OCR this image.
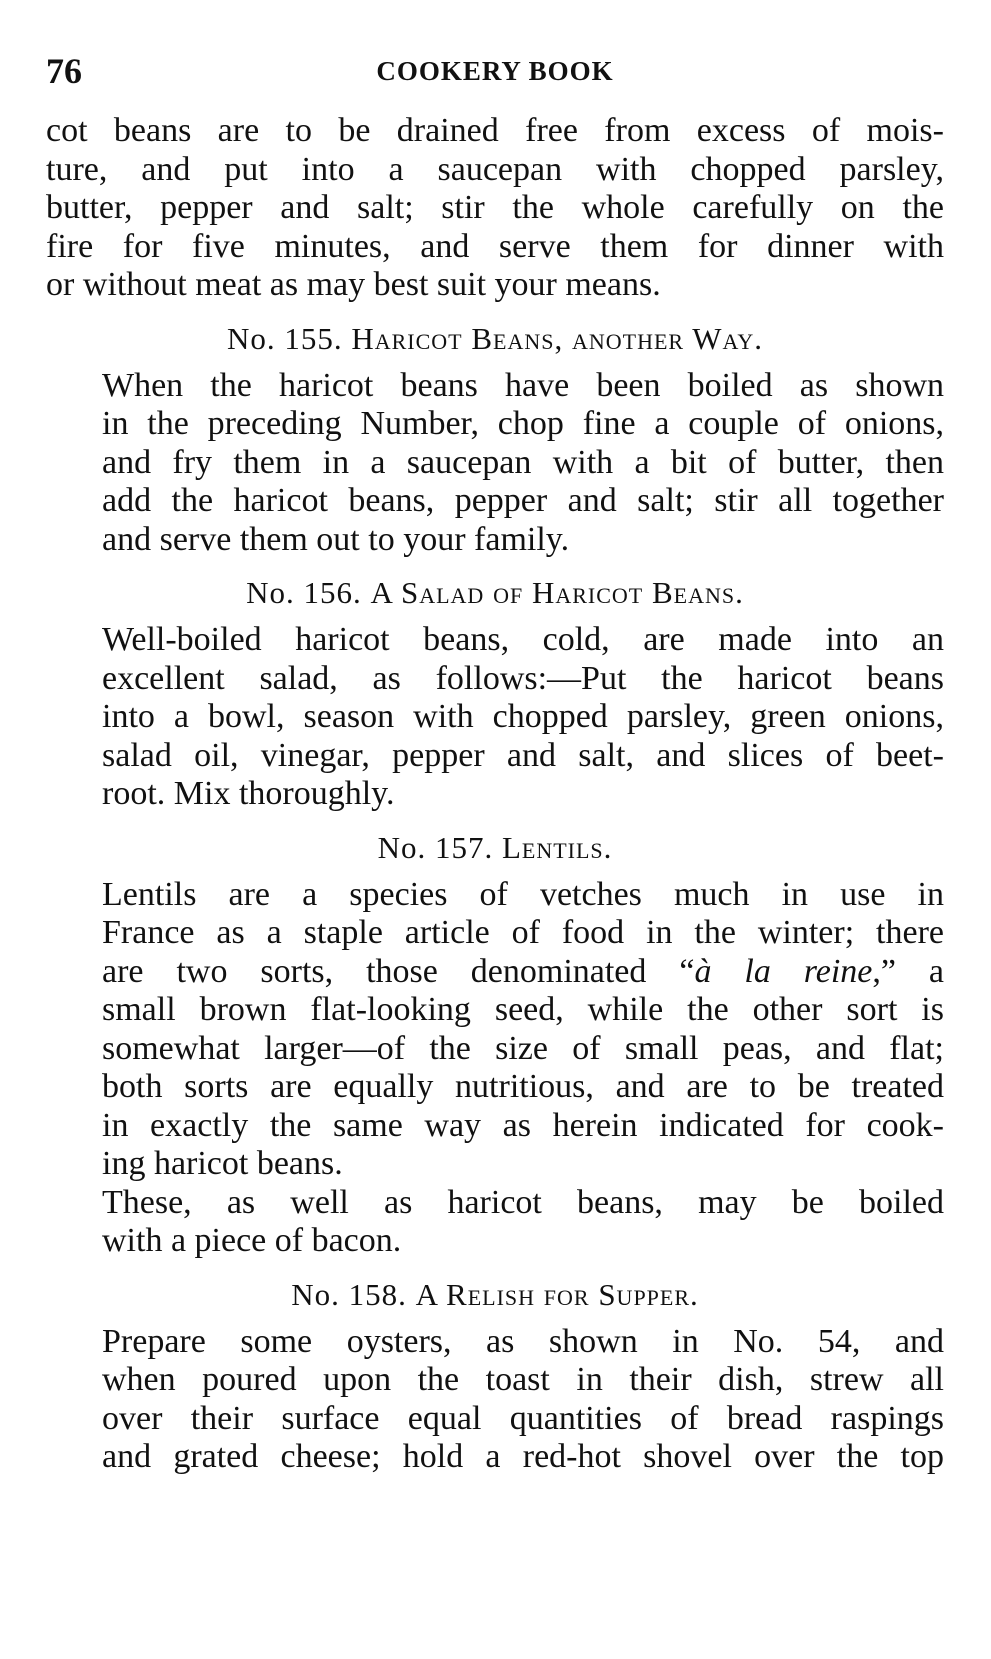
76	COOKERY BOOK

cot beans are to be drained free from excess of mois-
ture, and put into a saucepan with chopped parsley,
butter, pepper and salt; stir the whole carefully on the
fire for five minutes, and serve them for dinner with
or without meat as may best suit your means.

No. 155. Haricot Beans, another Way.

When the haricot beans have been boiled as shown
in the preceding Number, chop fine a couple of onions,
and fry them in a saucepan with a bit of butter, then
add the haricot beans, pepper and salt; stir all together
and serve them out to your family.

No. 156. A Salad of Haricot Beans.

Well-boiled haricot beans, cold, are made into an
excellent salad, as follows:—Put the haricot beans
into a bowl, season with chopped parsley, green onions,
salad oil, vinegar, pepper and salt, and slices of beet-
root. Mix thoroughly.

No. 157. Lentils.

Lentils are a species of vetches much in use in
France as a staple article of food in the winter; there
are two sorts, those denominated “à la reine,” a
small brown flat-looking seed, while the other sort is
somewhat larger—of the size of small peas, and flat;
both sorts are equally nutritious, and are to be treated
in exactly the same way as herein indicated for cook-
ing haricot beans.

These, as well as haricot beans, may be boiled
with a piece of bacon.

No. 158. A Relish for Supper.

Prepare some oysters, as shown in No. 54, and
when poured upon the toast in their dish, strew all
over their surface equal quantities of bread raspings
and grated cheese; hold a red-hot shovel over the top
